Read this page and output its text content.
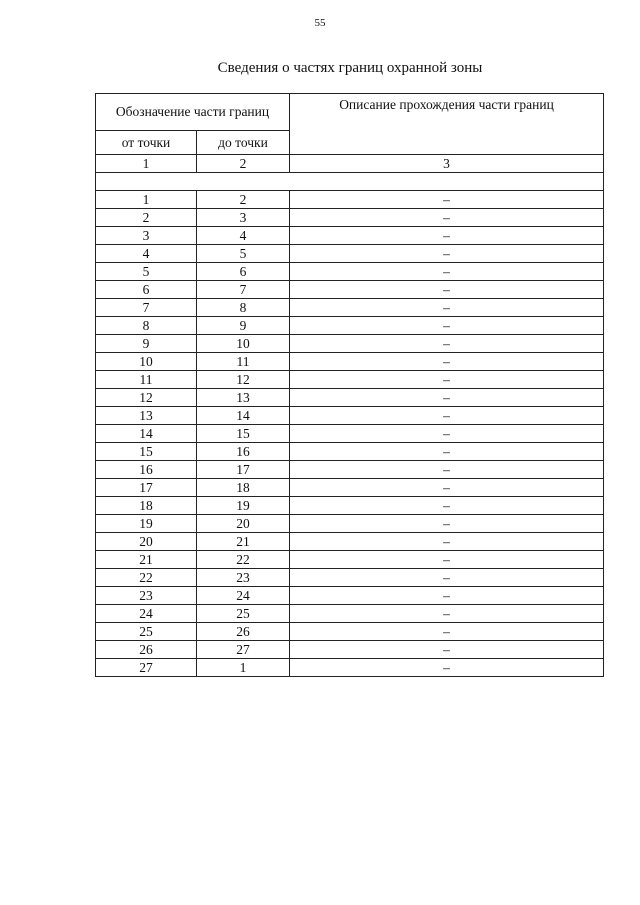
55
Сведения о частях границ охранной зоны
Обозначение части границ		Описание прохождения части границ
от точки	до точки	
1	2	3

1	2	–
2	3	–
3	4	–
4	5	–
5	6	–
6	7	–
7	8	–
8	9	–
9	10	–
10	11	–
11	12	–
12	13	–
13	14	–
14	15	–
15	16	–
16	17	–
17	18	–
18	19	–
19	20	–
20	21	–
21	22	–
22	23	–
23	24	–
24	25	–
25	26	–
26	27	–
27	1	–
